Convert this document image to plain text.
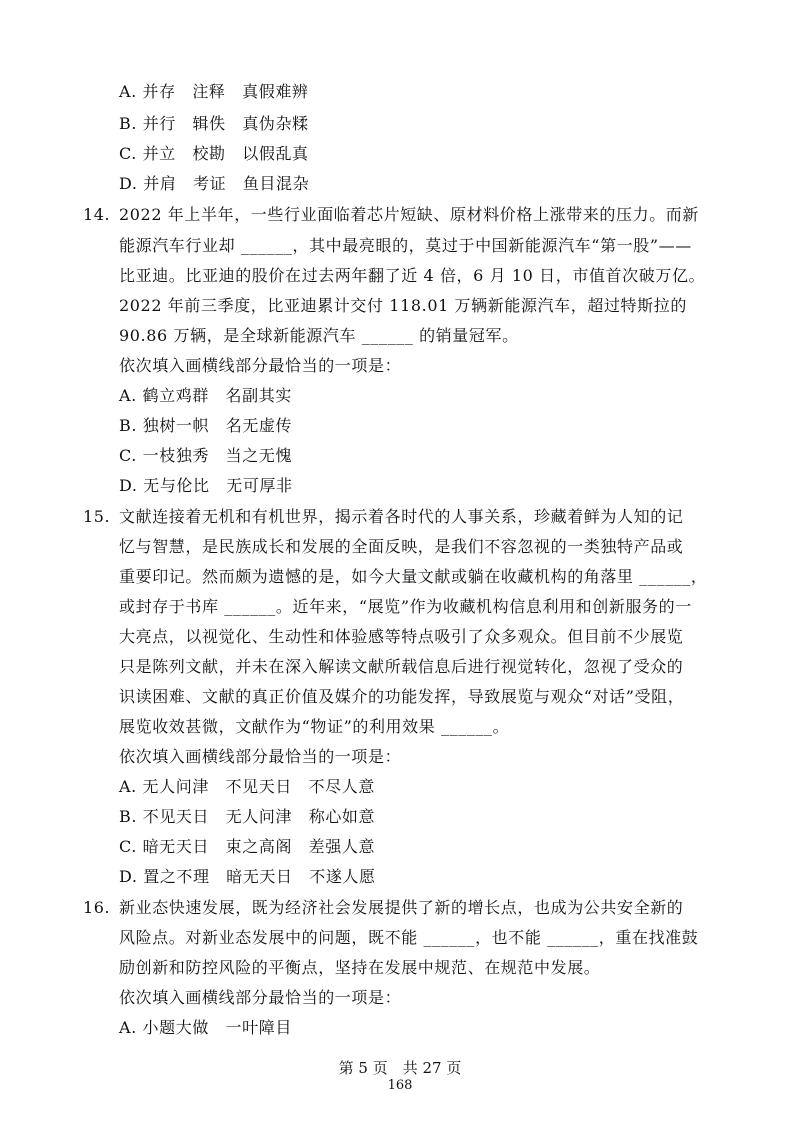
A. 并存　注释　真假难辨
B. 并行　辑佚　真伪杂糅
C. 并立　校勘　以假乱真
D. 并肩　考证　鱼目混杂
14. 2022 年上半年，一些行业面临着芯片短缺、原材料价格上涨带来的压力。而新
能源汽车行业却 ______，其中最亮眼的，莫过于中国新能源汽车“第一股”——
比亚迪。比亚迪的股价在过去两年翻了近 4 倍，6 月 10 日，市值首次破万亿。
2022 年前三季度，比亚迪累计交付 118.01 万辆新能源汽车，超过特斯拉的
90.86 万辆，是全球新能源汽车 ______ 的销量冠军。
依次填入画横线部分最恰当的一项是：
A. 鹤立鸡群　名副其实
B. 独树一帜　名无虚传
C. 一枝独秀　当之无愧
D. 无与伦比　无可厚非
15. 文献连接着无机和有机世界，揭示着各时代的人事关系，珍藏着鲜为人知的记
忆与智慧，是民族成长和发展的全面反映，是我们不容忽视的一类独特产品或
重要印记。然而颇为遗憾的是，如今大量文献或躺在收藏机构的角落里 ______，
或封存于书库 ______。近年来，“展览”作为收藏机构信息利用和创新服务的一
大亮点，以视觉化、生动性和体验感等特点吸引了众多观众。但目前不少展览
只是陈列文献，并未在深入解读文献所载信息后进行视觉转化，忽视了受众的
识读困难、文献的真正价值及媒介的功能发挥，导致展览与观众“对话”受阻，
展览收效甚微，文献作为“物证”的利用效果 ______。
依次填入画横线部分最恰当的一项是：
A. 无人问津　不见天日　不尽人意
B. 不见天日　无人问津　称心如意
C. 暗无天日　束之高阁　差强人意
D. 置之不理　暗无天日　不遂人愿
16. 新业态快速发展，既为经济社会发展提供了新的增长点，也成为公共安全新的
风险点。对新业态发展中的问题，既不能 ______，也不能 ______，重在找准鼓
励创新和防控风险的平衡点，坚持在发展中规范、在规范中发展。
依次填入画横线部分最恰当的一项是：
A. 小题大做　一叶障目
第 5 页　共 27 页
168
